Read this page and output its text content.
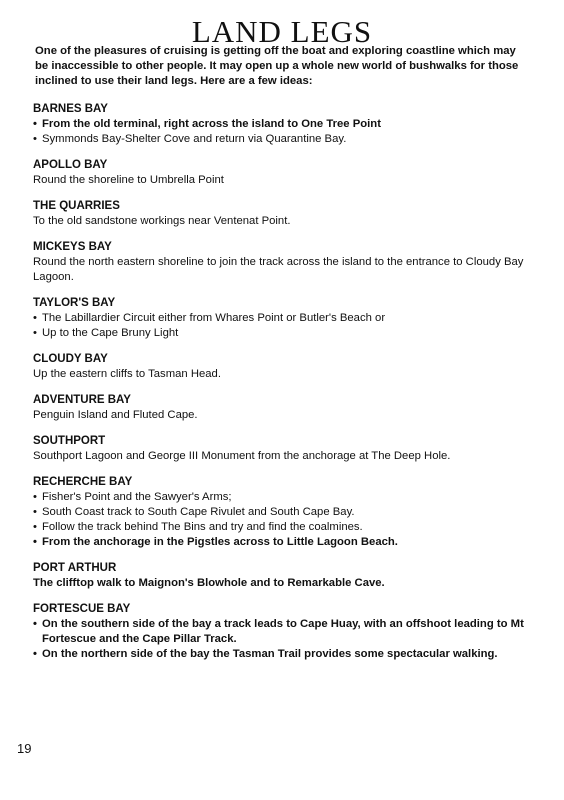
LAND LEGS
One of the pleasures of cruising is getting off the boat and exploring coastline which may be inaccessible to other people. It may open up a whole new world of bushwalks for those inclined to use their land legs. Here are a few ideas:
BARNES BAY
• From the old terminal, right across the island to One Tree Point
• Symmonds Bay-Shelter Cove and return via Quarantine Bay.
APOLLO BAY
Round the shoreline to Umbrella Point
THE QUARRIES
To the old sandstone workings near Ventenat Point.
MICKEYS BAY
Round the north eastern shoreline to join the track across the island to the entrance to Cloudy Bay Lagoon.
TAYLOR'S BAY
• The Labillardier Circuit either from Whares Point or Butler's Beach or
• Up to the Cape Bruny Light
CLOUDY BAY
Up the eastern cliffs to Tasman Head.
ADVENTURE BAY
Penguin Island and Fluted Cape.
SOUTHPORT
Southport Lagoon and George III Monument from the anchorage at The Deep Hole.
RECHERCHE BAY
• Fisher's Point and the Sawyer's Arms;
• South Coast track to South Cape Rivulet and South Cape Bay.
• Follow the track behind The Bins and try and find the coalmines.
• From the anchorage in the Pigstles across to Little Lagoon Beach.
PORT ARTHUR
The clifftop walk to Maignon's Blowhole and to Remarkable Cave.
FORTESCUE BAY
• On the southern side of the bay a track leads to Cape Huay, with an offshoot leading to Mt Fortescue and the Cape Pillar Track.
• On the northern side of the bay the Tasman Trail provides some spectacular walking.
19
